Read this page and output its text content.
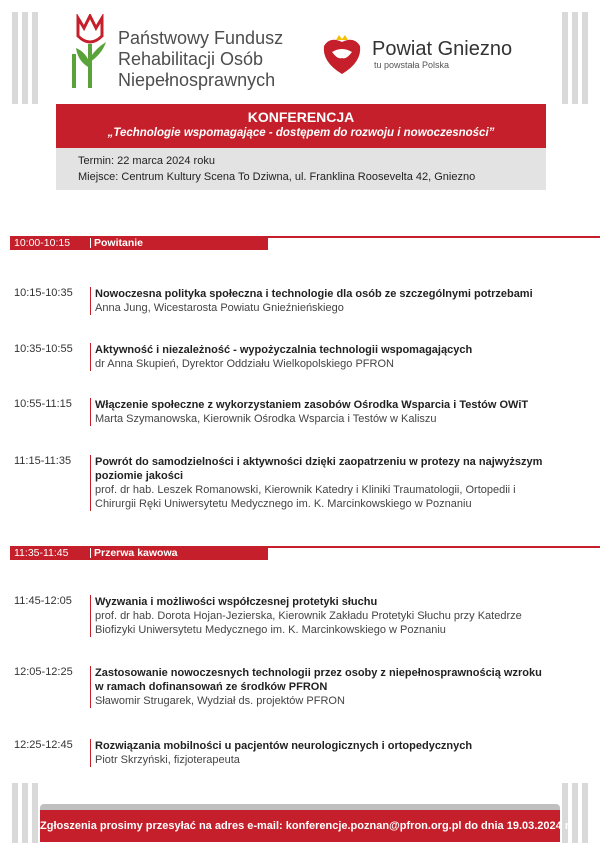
Państwowy Fundusz
Rehabilitacji Osób
Niepełnosprawnych
Powiat Gniezno
tu powstała Polska
KONFERENCJA
„Technologie wspomagające - dostępem do rozwoju i nowoczesności”
Termin: 22 marca 2024 roku
Miejsce: Centrum Kultury Scena To Dziwna, ul. Franklina Roosevelta 42, Gniezno
10:00-10:15 Powitanie
10:15-10:35 Nowoczesna polityka społeczna i technologie dla osób ze szczególnymi potrzebami
Anna Jung, Wicestarosta Powiatu Gnieźnieńskiego
10:35-10:55 Aktywność i niezależność - wypożyczalnia technologii wspomagających
dr Anna Skupień, Dyrektor Oddziału Wielkopolskiego PFRON
10:55-11:15 Włączenie społeczne z wykorzystaniem zasobów Ośrodka Wsparcia i Testów OWiT
Marta Szymanowska, Kierownik Ośrodka Wsparcia i Testów w Kaliszu
11:15-11:35 Powrót do samodzielności i aktywności dzięki zaopatrzeniu w protezy na najwyższym poziomie jakości
prof. dr hab. Leszek Romanowski, Kierownik Katedry i Kliniki Traumatologii, Ortopedii i Chirurgii Ręki Uniwersytetu Medycznego im. K. Marcinkowskiego w Poznaniu
11:35-11:45 Przerwa kawowa
11:45-12:05 Wyzwania i możliwości współczesnej protetyki słuchu
prof. dr hab. Dorota Hojan-Jezierska, Kierownik Zakładu Protetyki Słuchu przy Katedrze Biofizyki Uniwersytetu Medycznego im. K. Marcinkowskiego w Poznaniu
12:05-12:25 Zastosowanie nowoczesnych technologii przez osoby z niepełnosprawnością wzroku w ramach dofinansowań ze środków PFRON
Sławomir Strugarek, Wydział ds. projektów PFRON
12:25-12:45 Rozwiązania mobilności u pacjentów neurologicznych i ortopedycznych
Piotr Skrzyński, fizjoterapeuta
Zgłoszenia prosimy przesyłać na adres e-mail: konferencje.poznan@pfron.org.pl do dnia 19.03.2024 r.
